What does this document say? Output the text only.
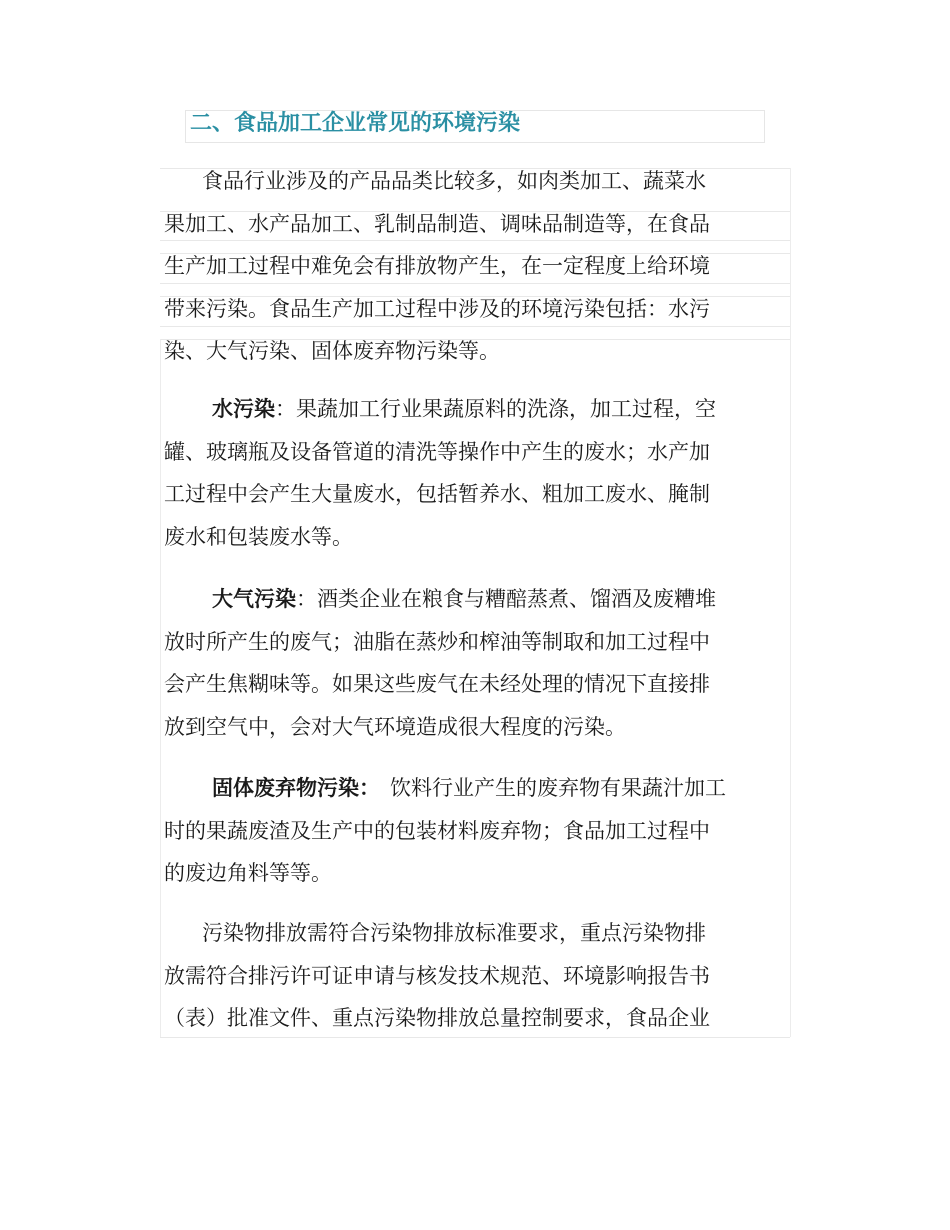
二、食品加工企业常见的环境污染
食品行业涉及的产品品类比较多，如肉类加工、蔬菜水
果加工、水产品加工、乳制品制造、调味品制造等，在食品
生产加工过程中难免会有排放物产生，在一定程度上给环境
带来污染。食品生产加工过程中涉及的环境污染包括：水污
染、大气污染、固体废弃物污染等。
水污染：果蔬加工行业果蔬原料的洗涤，加工过程，空
罐、玻璃瓶及设备管道的清洗等操作中产生的废水；水产加
工过程中会产生大量废水，包括暂养水、粗加工废水、腌制
废水和包装废水等。
大气污染：酒类企业在粮食与糟醅蒸煮、馏酒及废糟堆
放时所产生的废气；油脂在蒸炒和榨油等制取和加工过程中
会产生焦糊味等。如果这些废气在未经处理的情况下直接排
放到空气中，会对大气环境造成很大程度的污染。
固体废弃物污染： 饮料行业产生的废弃物有果蔬汁加工
时的果蔬废渣及生产中的包装材料废弃物；食品加工过程中
的废边角料等等。
污染物排放需符合污染物排放标准要求，重点污染物排
放需符合排污许可证申请与核发技术规范、环境影响报告书
（表）批准文件、重点污染物排放总量控制要求，食品企业
